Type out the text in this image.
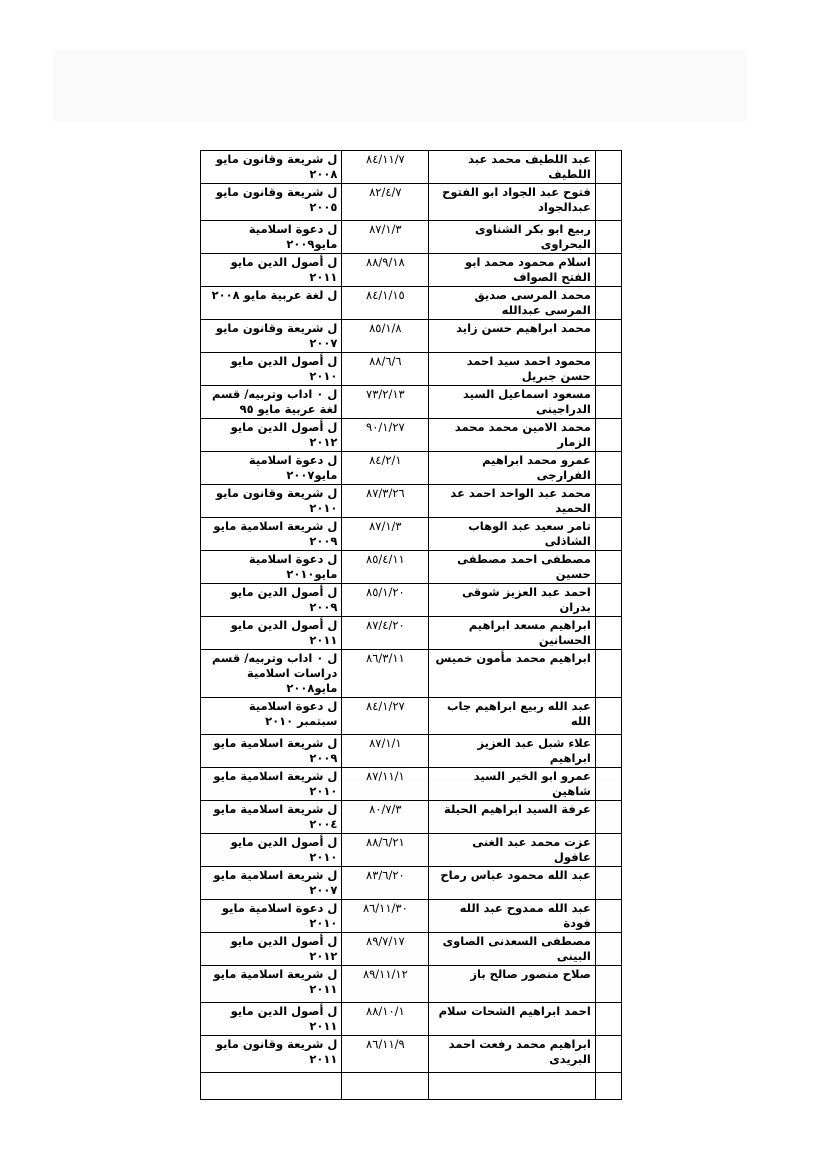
	عبد اللطيف محمد عبد اللطيف	٨٤/١١/٧	ل شريعة وقانون مايو ٢٠٠٨
	فتوح عبد الجواد ابو الفتوح عبدالجواد	٨٢/٤/٧	ل شريعة وقانون مايو ٢٠٠٥
	ربيع ابو بكر الشناوى البحراوى	٨٧/١/٣	ل دعوة اسلامية مايو٢٠٠٩
	اسلام محمود محمد ابو الفتح الصواف	٨٨/٩/١٨	ل أصول الدين مايو ٢٠١١
	محمد المرسى صديق المرسى عبدالله	٨٤/١/١٥	ل لغة عربية مايو ٢٠٠٨
	محمد ابراهيم حسن زايد	٨٥/١/٨	ل شريعة وقانون مايو ٢٠٠٧
	محمود احمد سيد احمد حسن جبريل	٨٨/٦/٦	ل أصول الدين مايو ٢٠١٠
	مسعود اسماعيل السيد الدراجينى	٧٣/٢/١٣	ل ٠ اداب وتربيه/ قسم لغة عربية مايو ٩٥
	محمد الامين محمد محمد الزمار	٩٠/١/٢٧	ل أصول الدين مايو ٢٠١٢
	عمرو محمد ابراهيم الفرارجى	٨٤/٢/١	ل دعوة اسلامية مايو٢٠٠٧
	محمد عبد الواحد احمد عد الحميد	٨٧/٣/٢٦	ل شريعة وقانون مايو ٢٠١٠
	تامر سعيد عبد الوهاب الشاذلى	٨٧/١/٣	ل شريعة اسلامية مايو ٢٠٠٩
	مصطفى احمد مصطفى حسين	٨٥/٤/١١	ل دعوة اسلامية مايو٢٠١٠
	احمد عبد العزيز شوقى بدران	٨٥/١/٢٠	ل أصول الدين مايو ٢٠٠٩
	ابراهيم مسعد ابراهيم الحسانين	٨٧/٤/٢٠	ل أصول الدين مايو ٢٠١١
	ابراهيم محمد مأمون خميس	٨٦/٣/١١	ل ٠ اداب وتربيه/ قسم دراسات اسلامية مايو٢٠٠٨
	عبد الله ربيع ابراهيم جاب الله	٨٤/١/٢٧	ل دعوة اسلامية سبتمبر ٢٠١٠
	علاء شبل عبد العزيز ابراهيم	٨٧/١/١	ل شريعة اسلامية مايو ٢٠٠٩
	عمرو ابو الخير السيد شاهين	٨٧/١١/١	ل شريعة اسلامية مايو ٢٠١٠
	عرفة السيد ابراهيم الحيلة	٨٠/٧/٣	ل شريعة اسلامية مايو ٢٠٠٤
	عزت محمد عبد الغنى عافول	٨٨/٦/٢١	ل أصول الدين مايو ٢٠١٠
	عبد الله محمود عباس رماح	٨٣/٦/٢٠	ل شريعة اسلامية مايو ٢٠٠٧
	عبد الله ممدوح عبد الله فودة	٨٦/١١/٣٠	ل دعوة اسلامية مايو ٢٠١٠
	مصطفى السعدنى الصاوى البينى	٨٩/٧/١٧	ل أصول الدين مايو ٢٠١٢
	صلاح منصور صالح باز	٨٩/١١/١٢	ل شريعة اسلامية مايو ٢٠١١
	احمد ابراهيم الشحات سلام	٨٨/١٠/١	ل أصول الدين مايو ٢٠١١
	ابراهيم محمد رفعت احمد البريدى	٨٦/١١/٩	ل شريعة وقانون مايو ٢٠١١
